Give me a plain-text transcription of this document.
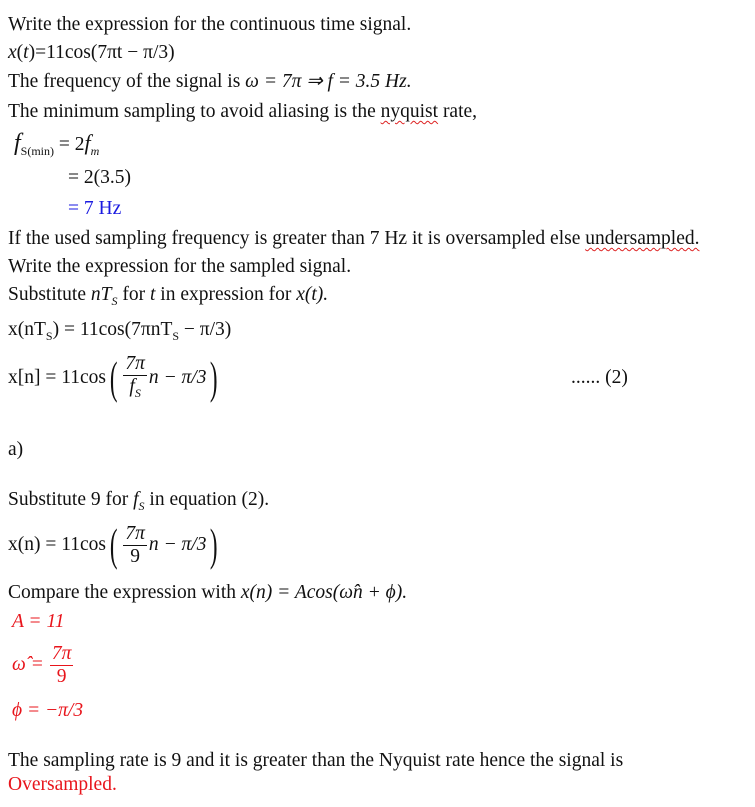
Write the expression for the continuous time signal.
x(t)=11cos(7πt − π/3)
The frequency of the signal is ω = 7π ⇒ f = 3.5 Hz.
The minimum sampling to avoid aliasing is the nyquist rate,
$f_{S(min)} = 2f_m$
= 2(3.5)
= 7 Hz
If the used sampling frequency is greater than 7 Hz it is oversampled else undersampled.
Write the expression for the sampled signal.
Substitute $nT_S$ for t in expression for x(t).
$x(nT_S) = 11\cos(7\pi nT_S - \pi/3)$
x[n] = 11cos ( $\frac{7\pi}{f_S}$ n − π/3 )	...... (2)
a)
Substitute 9 for $f_S$ in equation (2).
x(n) = 11cos ( $\frac{7\pi}{9}$ n − π/3 )
Compare the expression with x(n) = Acos(ω̂n + ϕ).
A = 11
ω̂ = $\frac{7\pi}{9}$
ϕ = −π/3
The sampling rate is 9 and it is greater than the Nyquist rate hence the signal is
Oversampled.
